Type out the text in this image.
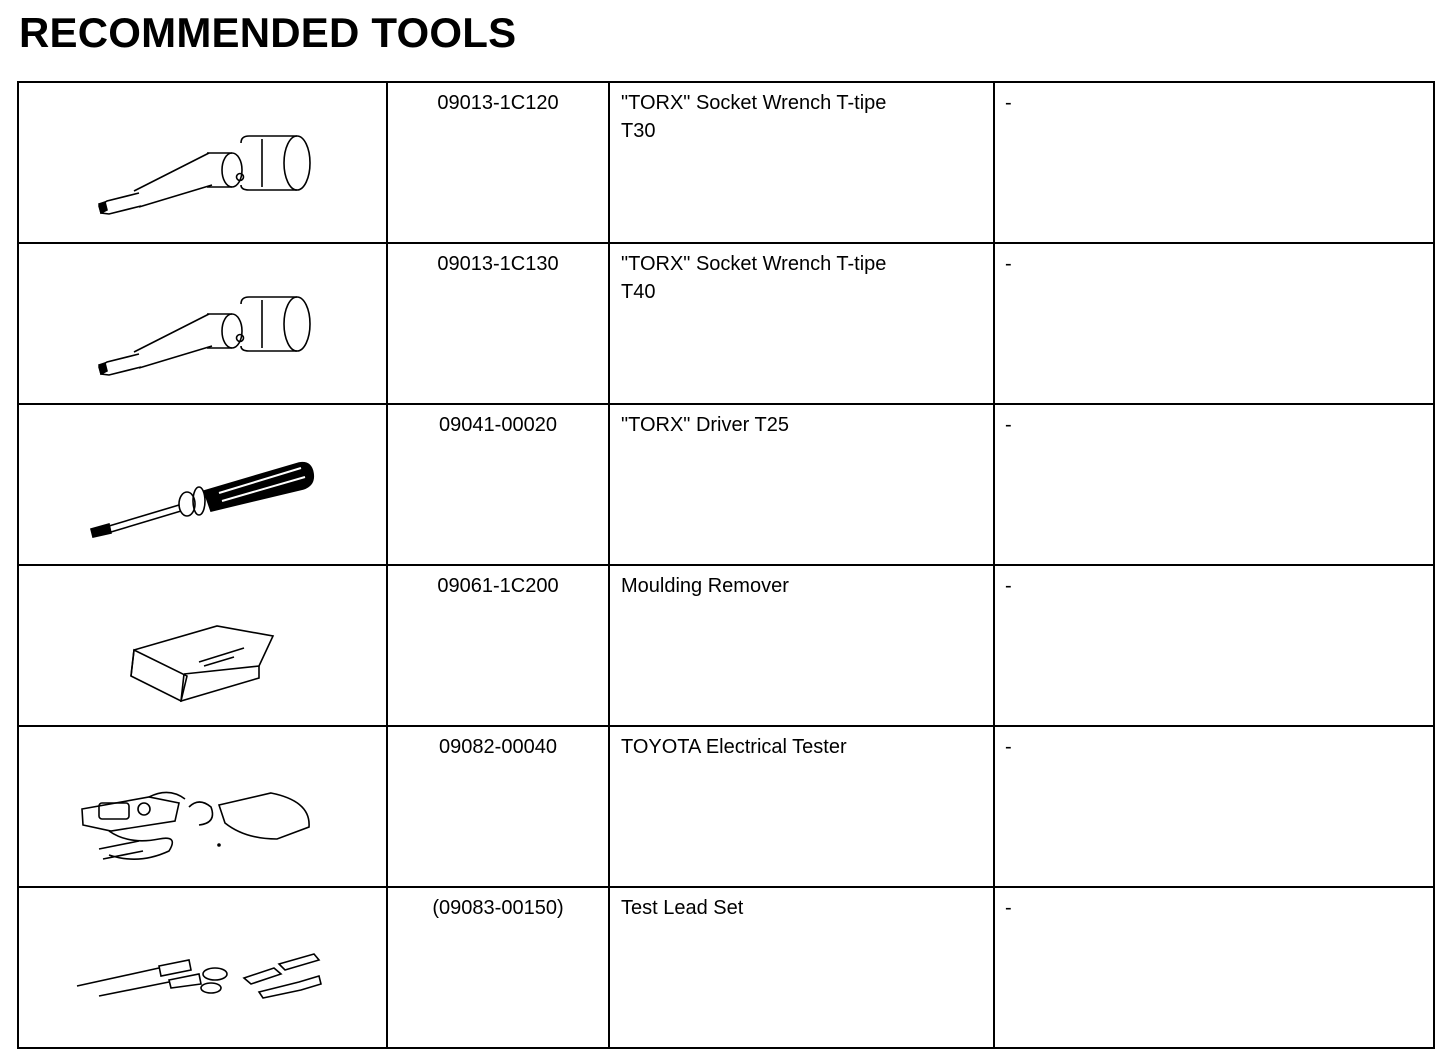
RECOMMENDED TOOLS
	09013-1C120	"TORX" Socket Wrench T-tipe
T30	-

	09013-1C130	"TORX" Socket Wrench T-tipe
T40	-

	09041-00020	"TORX" Driver T25	-

	09061-1C200	Moulding Remover	-

	09082-00040	TOYOTA Electrical Tester	-

	(09083-00150)	Test Lead Set	-
